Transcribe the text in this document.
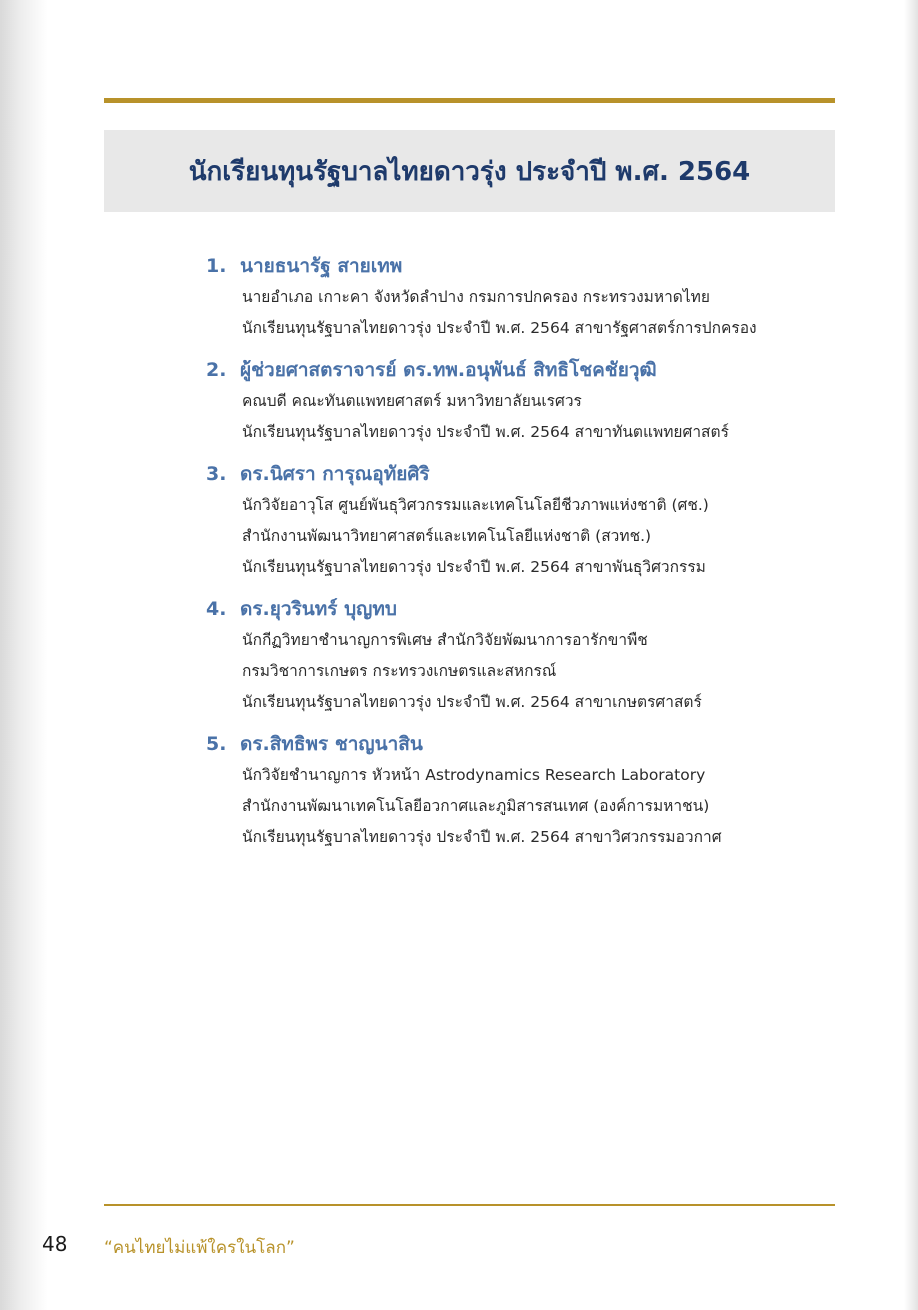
นักเรียนทุนรัฐบาลไทยดาวรุ่ง ประจำปี พ.ศ. 2564
1. นายธนารัฐ สายเทพ
นายอำเภอ เกาะคา จังหวัดลำปาง กรมการปกครอง กระทรวงมหาดไทย
นักเรียนทุนรัฐบาลไทยดาวรุ่ง ประจำปี พ.ศ. 2564 สาขารัฐศาสตร์การปกครอง
2. ผู้ช่วยศาสตราจารย์ ดร.ทพ.อนุพันธ์ สิทธิโชคชัยวุฒิ
คณบดี คณะทันตแพทยศาสตร์ มหาวิทยาลัยนเรศวร
นักเรียนทุนรัฐบาลไทยดาวรุ่ง ประจำปี พ.ศ. 2564 สาขาทันตแพทยศาสตร์
3. ดร.นิศรา การุณอุทัยศิริ
นักวิจัยอาวุโส ศูนย์พันธุวิศวกรรมและเทคโนโลยีชีวภาพแห่งชาติ (ศช.)
สำนักงานพัฒนาวิทยาศาสตร์และเทคโนโลยีแห่งชาติ (สวทช.)
นักเรียนทุนรัฐบาลไทยดาวรุ่ง ประจำปี พ.ศ. 2564 สาขาพันธุวิศวกรรม
4. ดร.ยุวรินทร์ บุญทบ
นักกีฏวิทยาชำนาญการพิเศษ สำนักวิจัยพัฒนาการอารักขาพืช
กรมวิชาการเกษตร กระทรวงเกษตรและสหกรณ์
นักเรียนทุนรัฐบาลไทยดาวรุ่ง ประจำปี พ.ศ. 2564 สาขาเกษตรศาสตร์
5. ดร.สิทธิพร ชาญนาสิน
นักวิจัยชำนาญการ หัวหน้า Astrodynamics Research Laboratory
สำนักงานพัฒนาเทคโนโลยีอวกาศและภูมิสารสนเทศ (องค์การมหาชน)
นักเรียนทุนรัฐบาลไทยดาวรุ่ง ประจำปี พ.ศ. 2564 สาขาวิศวกรรมอวกาศ
48 “คนไทยไม่แพ้ใครในโลก”
